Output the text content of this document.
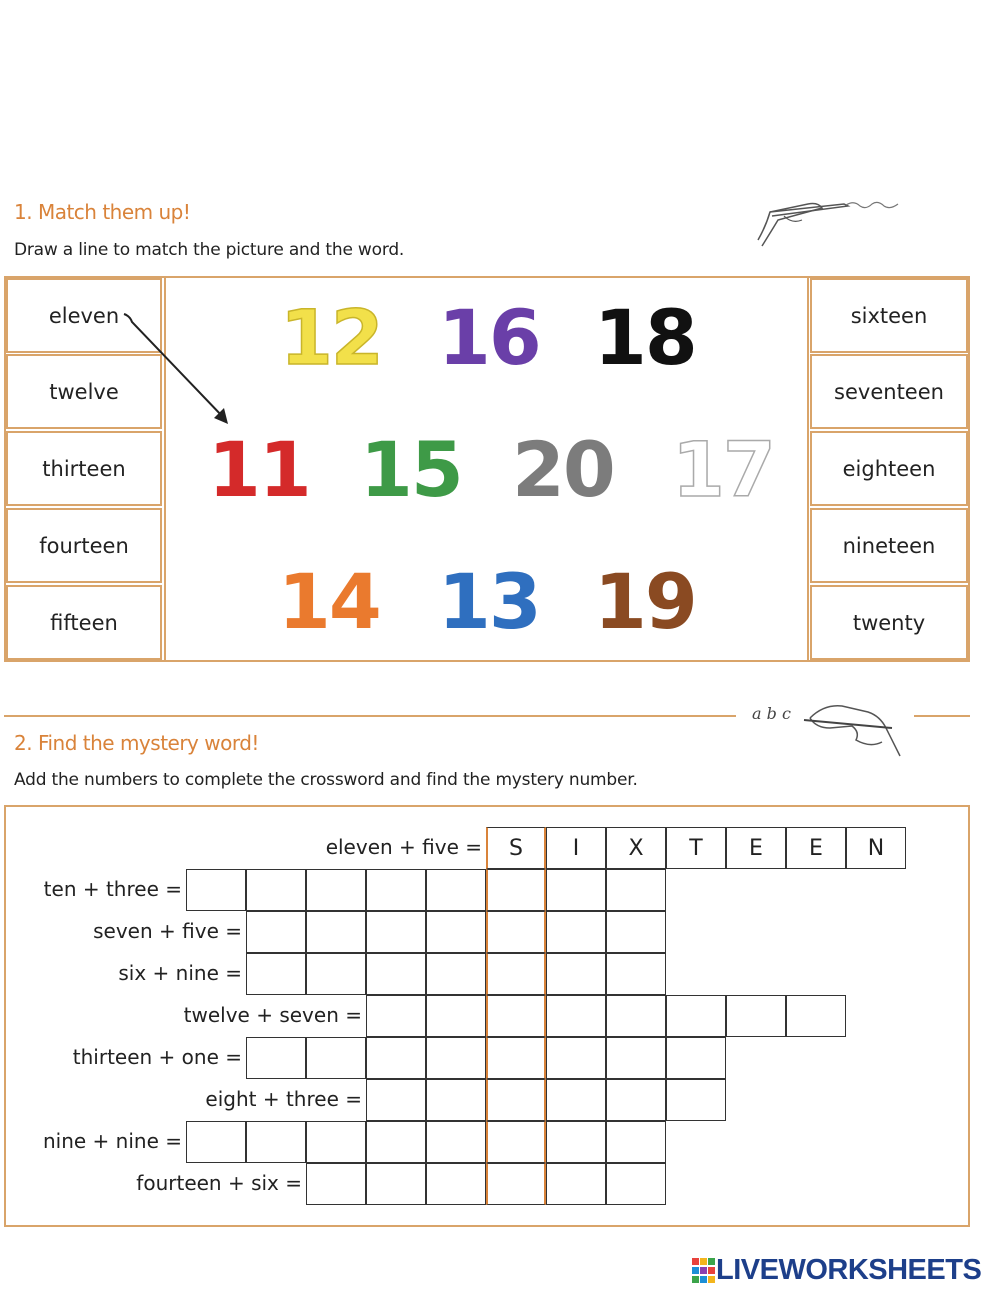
1. Match them up!
Draw a line to match the picture and the word.
eleven
twelve
thirteen
fourteen
fifteen
sixteen
seventeen
eighteen
nineteen
twenty
12 16 18
11 15 20 17
14 13 19
a b c
2. Find the mystery word!
Add the numbers to complete the crossword and find the mystery number.
eleven + five =	S	I	X	T	E	E	N
ten + three =
seven + five =
six + nine =
twelve + seven =
thirteen + one =
eight + three =
nine + nine =
fourteen + six =
LIVEWORKSHEETS
